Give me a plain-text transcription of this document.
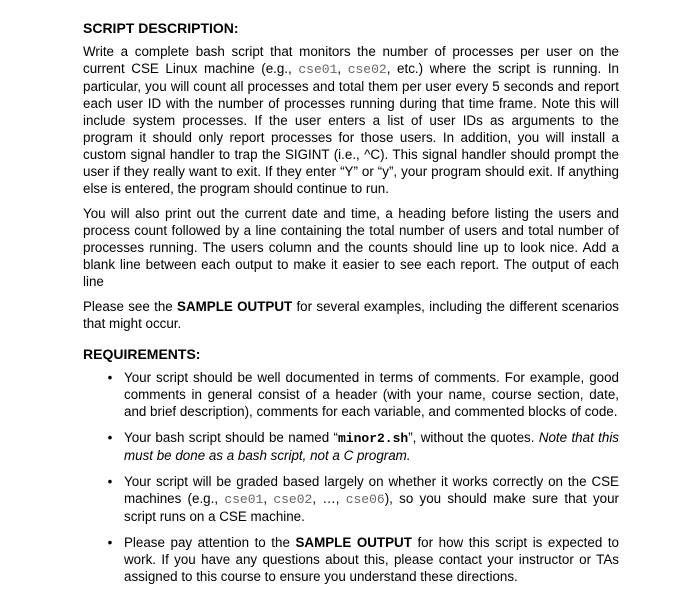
SCRIPT DESCRIPTION:

Write a complete bash script that monitors the number of processes per user on the current CSE Linux machine (e.g., cse01, cse02, etc.) where the script is running. In particular, you will count all processes and total them per user every 5 seconds and report each user ID with the number of processes running during that time frame. Note this will include system processes. If the user enters a list of user IDs as arguments to the program it should only report processes for those users. In addition, you will install a custom signal handler to trap the SIGINT (i.e., ^C). This signal handler should prompt the user if they really want to exit. If they enter “Y” or “y”, your program should exit. If anything else is entered, the program should continue to run.

You will also print out the current date and time, a heading before listing the users and process count followed by a line containing the total number of users and total number of processes running. The users column and the counts should line up to look nice. Add a blank line between each output to make it easier to see each report. The output of each line

Please see the SAMPLE OUTPUT for several examples, including the different scenarios that might occur.

REQUIREMENTS:
• Your script should be well documented in terms of comments. For example, good comments in general consist of a header (with your name, course section, date, and brief description), comments for each variable, and commented blocks of code.
• Your bash script should be named “minor2.sh”, without the quotes. Note that this must be done as a bash script, not a C program.
• Your script will be graded based largely on whether it works correctly on the CSE machines (e.g., cse01, cse02, …, cse06), so you should make sure that your script runs on a CSE machine.
• Please pay attention to the SAMPLE OUTPUT for how this script is expected to work. If you have any questions about this, please contact your instructor or TAs assigned to this course to ensure you understand these directions.
